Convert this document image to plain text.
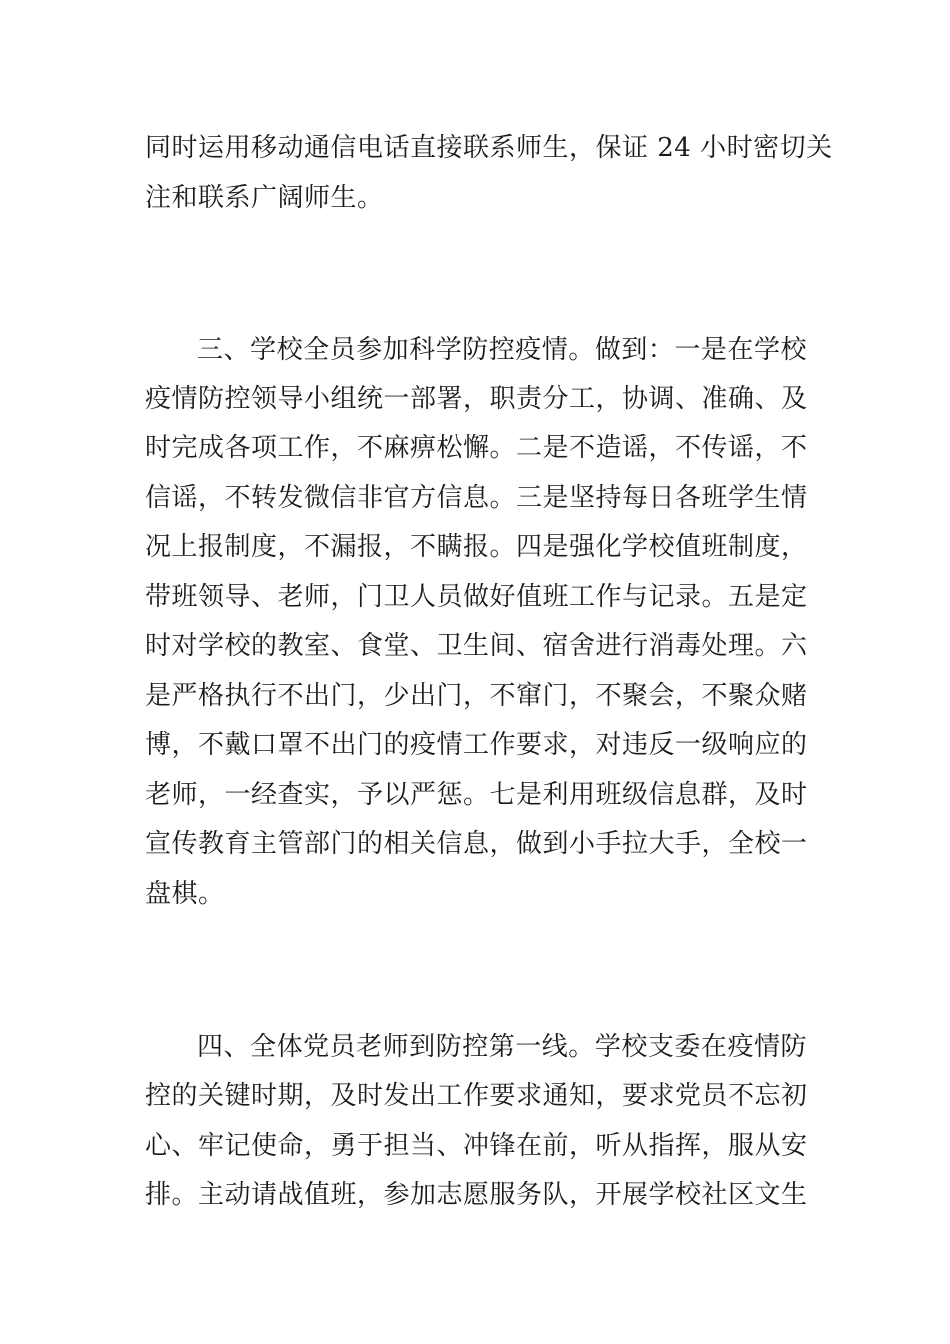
同时运用移动通信电话直接联系师生，保证 24 小时密切关
注和联系广阔师生。
三、学校全员参加科学防控疫情。做到：一是在学校
疫情防控领导小组统一部署，职责分工，协调、准确、及
时完成各项工作，不麻痹松懈。二是不造谣，不传谣，不
信谣，不转发微信非官方信息。三是坚持每日各班学生情
况上报制度，不漏报，不瞒报。四是强化学校值班制度，
带班领导、老师，门卫人员做好值班工作与记录。五是定
时对学校的教室、食堂、卫生间、宿舍进行消毒处理。六
是严格执行不出门，少出门，不窜门，不聚会，不聚众赌
博，不戴口罩不出门的疫情工作要求，对违反一级响应的
老师，一经查实，予以严惩。七是利用班级信息群，及时
宣传教育主管部门的相关信息，做到小手拉大手，全校一
盘棋。
四、全体党员老师到防控第一线。学校支委在疫情防
控的关键时期，及时发出工作要求通知，要求党员不忘初
心、牢记使命，勇于担当、冲锋在前，听从指挥，服从安
排。主动请战值班，参加志愿服务队，开展学校社区文生
